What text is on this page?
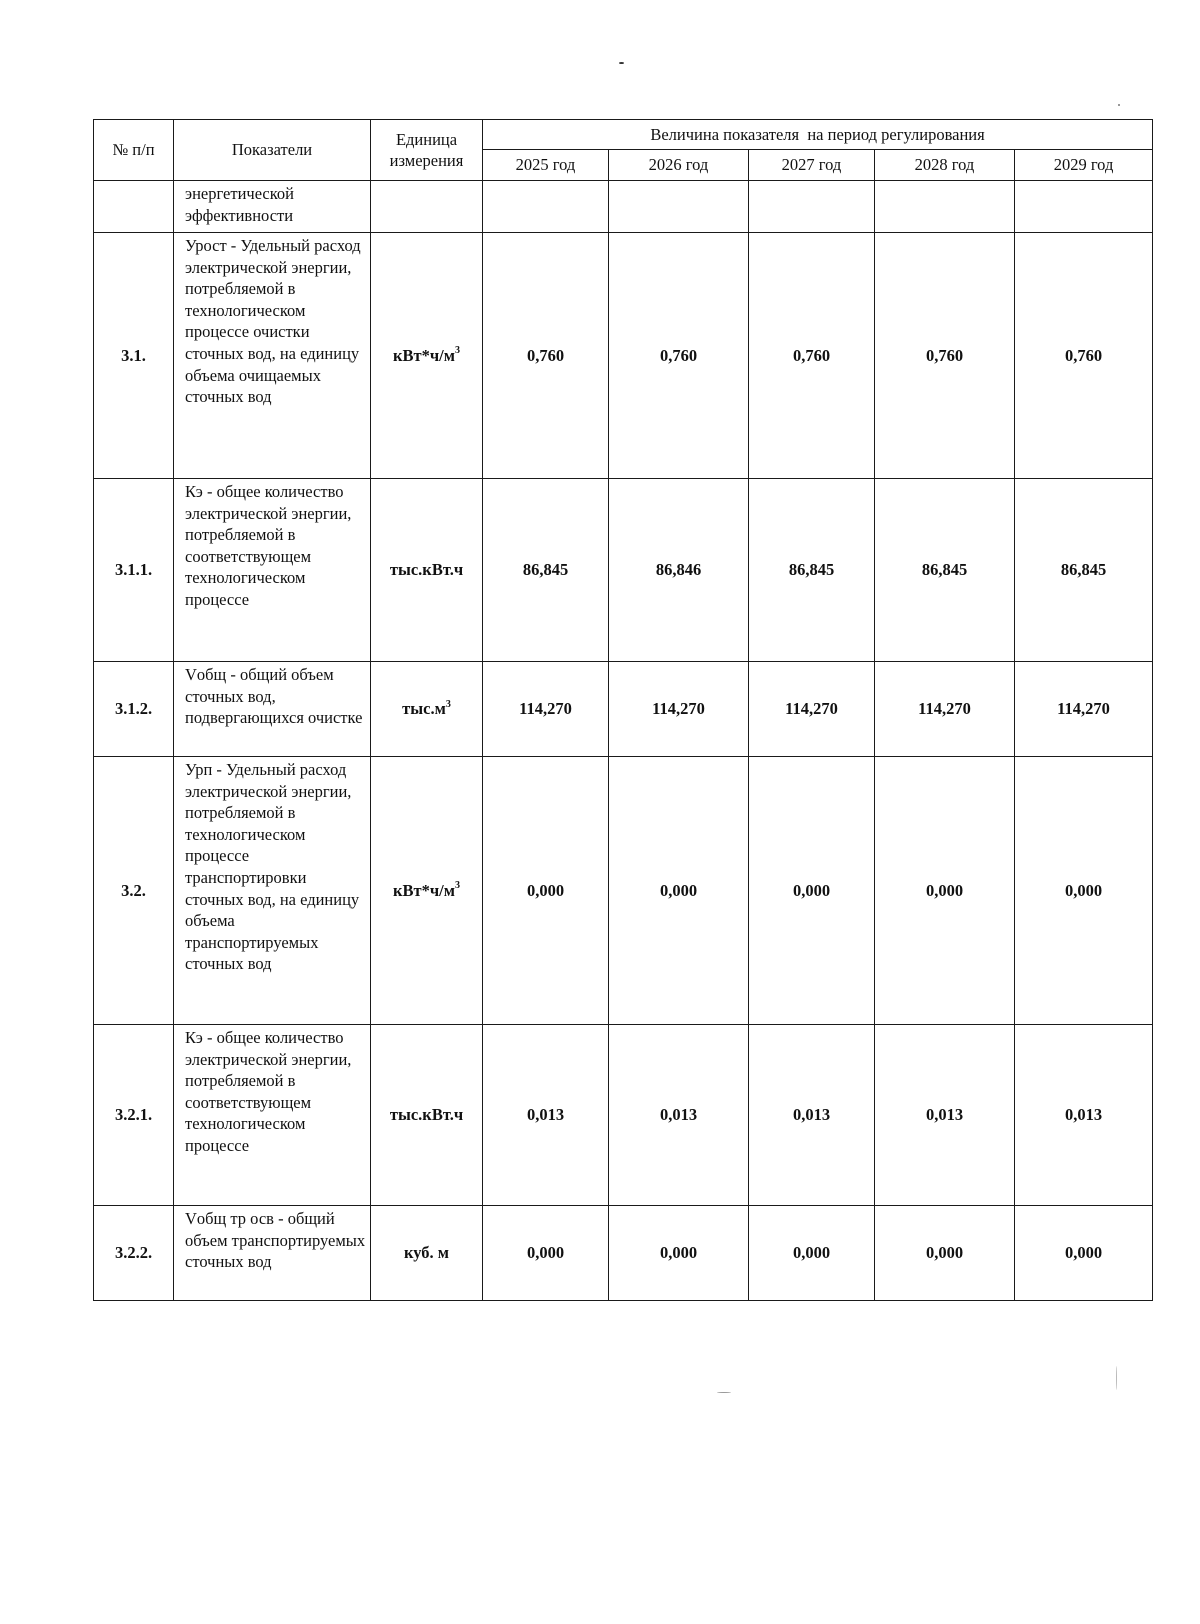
№ п/п	Показатели	Единица измерения	Величина показателя  на период регулирования				
			2025 год	2026 год	2027 год	2028 год	2029 год
	энергетической эффективности						
3.1.	Урост - Удельный расход электрической энергии, потребляемой в технологическом процессе очистки сточных вод, на единицу объема очищаемых сточных вод	$кВт*ч/м^3$	0,760	0,760	0,760	0,760	0,760
3.1.1.	Кэ - общее количество электрической энергии, потребляемой в соответствующем технологическом процессе	тыс.кВт.ч	86,845	86,846	86,845	86,845	86,845
3.1.2.	Vобщ - общий объем сточных вод, подвергающихся очистке	$тыс.м^3$	114,270	114,270	114,270	114,270	114,270
3.2.	Урп - Удельный расход электрической энергии, потребляемой в технологическом процессе транспортировки сточных вод, на единицу объема транспортируемых сточных вод	$кВт*ч/м^3$	0,000	0,000	0,000	0,000	0,000
3.2.1.	Кэ - общее количество электрической энергии, потребляемой в соответствующем технологическом процессе	тыс.кВт.ч	0,013	0,013	0,013	0,013	0,013
3.2.2.	Vобщ тр осв - общий объем транспортируемых сточных вод	куб. м	0,000	0,000	0,000	0,000	0,000
